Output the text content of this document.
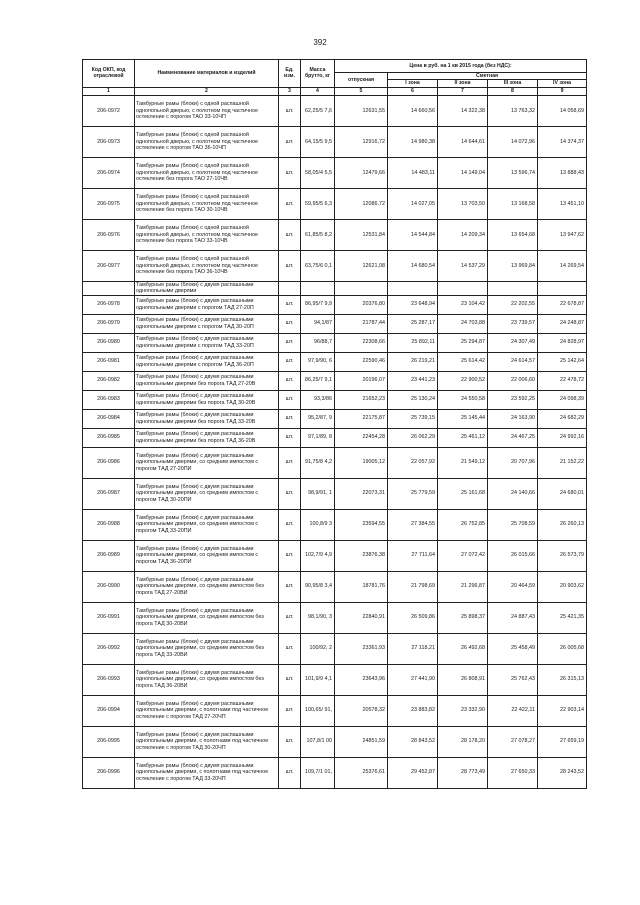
392
Код ОКП, код отраслевой	Наименование материалов и изделий	Ед. изм.	Масса брутто, кг	Цена в руб. на 1 кв 2015 года (без НДС):				
				отпускная	Сметная			
					I зона	II зона	III зона	IV зона
1	2	3	4	5	6	7	8	9
206-0972	Тамбурные рамы (блоки) с одной распашной однопольной дверью, с полотном под частичное остекление с порогом ТАО 33-10ЧП	шт.	62,25/5 7,6	12631,55	14 660,56	14 322,38	13 763,32	14 058,69
206-0973	Тамбурные рамы (блоки) с одной распашной однопольной дверью, с полотном под частичное остекление с порогом ТАО 36-10ЧП	шт.	64,15/5 9,5	12916,72	14 980,38	14 644,61	14 072,96	14 374,37
206-0974	Тамбурные рамы (блоки) с одной распашной однопольной дверью, с полотном под частичное остекление без порога ТАО 27-10ЧВ	шт.	58,05/4 5,5	12479,66	14 483,11	14 149,04	13 596,74	13 888,43
206-0975	Тамбурные рамы (блоки) с одной распашной однопольной дверью, с полотном под частичное остекление без порога ТАО 30-10ЧВ	шт.	59,95/5 6,3	12086,72	14 027,05	13 703,50	13 168,58	13 451,10
206-0976	Тамбурные рамы (блоки) с одной распашной однопольной дверью, с полотном под частичное остекление без порога ТАО 33-10ЧВ	шт.	61,85/5 8,2	12531,84	14 544,84	14 209,34	13 654,68	13 947,62
206-0977	Тамбурные рамы (блоки) с одной распашной однопольной дверью, с полотном под частичное остекление без порога ТАО 36-10ЧВ	шт.	63,75/6 0,1	12621,08	14 680,54	14 537,29	13 969,84	14 269,54
	Тамбурные рамы (блоки) с двумя распашными однопольными дверями							
206-0978	Тамбурные рамы (блоки) с двумя распашными однопольными дверями с порогом ТАД 27-20П	шт.	86,95/7 9,9	20376,80	23 648,94	23 104,42	22 202,55	22 678,87
206-0979	Тамбурные рамы (блоки) с двумя распашными однопольными дверями с порогом ТАД 30-20П	шт.	94,1/87	21787,44	25 287,17	24 703,88	23 739,57	24 248,87
206-0980	Тамбурные рамы (блоки) с двумя распашными однопольными дверями с порогом ТАД 33-20П	шт.	96/88,7	22308,66	25 892,11	25 294,87	24 307,49	24 828,97
206-0981	Тамбурные рамы (блоки) с двумя распашными однопольными дверями с порогом ТАД 36-20П	шт.	97,9/90, 6	22590,46	26 219,21	25 614,42	24 614,57	25 142,64
206-0982	Тамбурные рамы (блоки) с двумя распашными однопольными дверями без порога ТАД 27-20В	шт.	86,25/7 9,1	20196,07	23 441,23	22 900,52	22 006,60	22 478,72
206-0983	Тамбурные рамы (блоки) с двумя распашными однопольными дверями без порога ТАД 30-20В	шт.	93,3/86	21652,23	25 130,24	24 550,58	23 592,25	24 098,39
206-0984	Тамбурные рамы (блоки) с двумя распашными однопольными дверями без порога ТАД 33-20В	шт.	95,2/87, 9	22175,87	25 739,15	25 145,44	24 163,90	24 682,29
206-0985	Тамбурные рамы (блоки) с двумя распашными однопольными дверями без порога ТАД 36-20В	шт.	97,1/89, 8	22454,28	26 062,29	25 461,12	24 467,25	24 992,16
206-0986	Тамбурные рамы (блоки) с двумя распашными однопольными дверями, со средним импостом с порогом ТАД 27-20ПИ	шт.	91,75/8 4,2	19005,12	22 057,92	21 549,12	20 707,96	21 152,22
206-0987	Тамбурные рамы (блоки) с двумя распашными однопольными дверями, со средним импостом с порогом ТАД 30-20ПИ	шт.	98,9/91, 1	22073,31	25 779,59	25 161,68	24 140,66	24 680,01
206-0988	Тамбурные рамы (блоки) с двумя распашными однопольными дверями, со средним импостом с порогом ТАД 33-20ПИ	шт.	100,8/9 3	23594,55	27 384,55	26 752,85	25 708,59	26 260,13
206-0989	Тамбурные рамы (блоки) с двумя распашными однопольными дверями, со средним импостом с порогом ТАД 36-20ПИ	шт.	102,7/9 4,9	23876,38	27 711,64	27 072,42	26 015,66	26 573,79
206-0990	Тамбурные рамы (блоки) с двумя распашными однопольными дверями, со средним импостом без порога ТАД 27-20ВИ	шт.	90,95/8 3,4	18781,76	21 798,69	21 296,87	20 464,59	20 903,62
206-0991	Тамбурные рамы (блоки) с двумя распашными однопольными дверями, со средним импостом без порога ТАД 30-20ВИ	шт.	98,1/90, 3	22840,91	26 509,86	25 898,37	24 887,43	25 421,35
206-0992	Тамбурные рамы (блоки) с двумя распашными однопольными дверями, со средним импостом без порога ТАД 33-20ВИ	шт.	100/92, 2	23361,93	27 118,21	26 492,68	25 458,49	26 005,68
206-0993	Тамбурные рамы (блоки) с двумя распашными однопольными дверями, со средним импостом без порога ТАД 36-20ВИ	шт.	101,9/9 4,1	23643,96	27 441,90	26 808,91	25 762,43	26 315,13
206-0994	Тамбурные рамы (блоки) с двумя распашными однопольными дверями, с полотнами под частичное остекление с порогом ТАД 27-20ЧП	шт.	100,65/ 91,	20578,32	23 883,82	23 332,90	22 422,11	22 903,14
206-0995	Тамбурные рамы (блоки) с двумя распашными однопольными дверями, с полотнами под частичное остекление с порогом ТАД 30-20ЧП	шт.	107,8/1 00	24851,59	28 843,52	28 178,20	27 078,27	27 659,19
206-0996	Тамбурные рамы (блоки) с двумя распашными однопольными дверями, с полотнами под частичное остекление с порогом ТАД 33-20ЧП	шт.	109,7/1 01,	25376,61	29 452,87	28 773,49	27 650,33	28 243,52
